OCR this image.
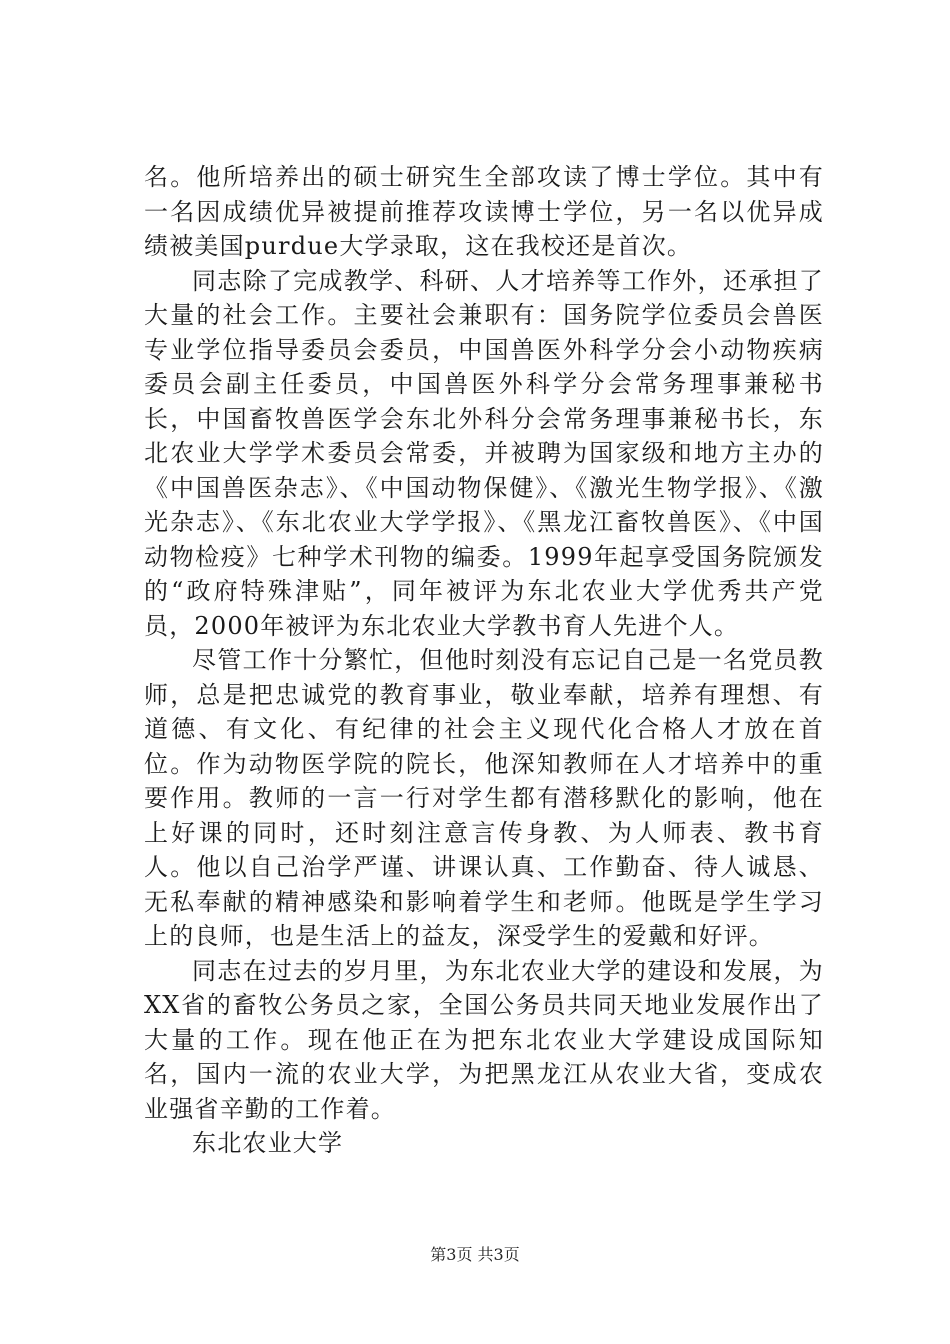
名。他所培养出的硕士研究生全部攻读了博士学位。其中有一名因成绩优异被提前推荐攻读博士学位，另一名以优异成绩被美国purdue大学录取，这在我校还是首次。

同志除了完成教学、科研、人才培养等工作外，还承担了大量的社会工作。主要社会兼职有：国务院学位委员会兽医专业学位指导委员会委员，中国兽医外科学分会小动物疾病委员会副主任委员，中国兽医外科学分会常务理事兼秘书长，中国畜牧兽医学会东北外科分会常务理事兼秘书长，东北农业大学学术委员会常委，并被聘为国家级和地方主办的《中国兽医杂志》、《中国动物保健》、《激光生物学报》、《激光杂志》、《东北农业大学学报》、《黑龙江畜牧兽医》、《中国动物检疫》七种学术刊物的编委。1999年起享受国务院颁发的“政府特殊津贴”，同年被评为东北农业大学优秀共产党员，2000年被评为东北农业大学教书育人先进个人。

尽管工作十分繁忙，但他时刻没有忘记自己是一名党员教师，总是把忠诚党的教育事业，敬业奉献，培养有理想、有道德、有文化、有纪律的社会主义现代化合格人才放在首位。作为动物医学院的院长，他深知教师在人才培养中的重要作用。教师的一言一行对学生都有潜移默化的影响，他在上好课的同时，还时刻注意言传身教、为人师表、教书育人。他以自己治学严谨、讲课认真、工作勤奋、待人诚恳、无私奉献的精神感染和影响着学生和老师。他既是学生学习上的良师，也是生活上的益友，深受学生的爱戴和好评。

同志在过去的岁月里，为东北农业大学的建设和发展，为XX省的畜牧公务员之家，全国公务员共同天地业发展作出了大量的工作。现在他正在为把东北农业大学建设成国际知名，国内一流的农业大学，为把黑龙江从农业大省，变成农业强省辛勤的工作着。

东北农业大学

第3页 共3页
